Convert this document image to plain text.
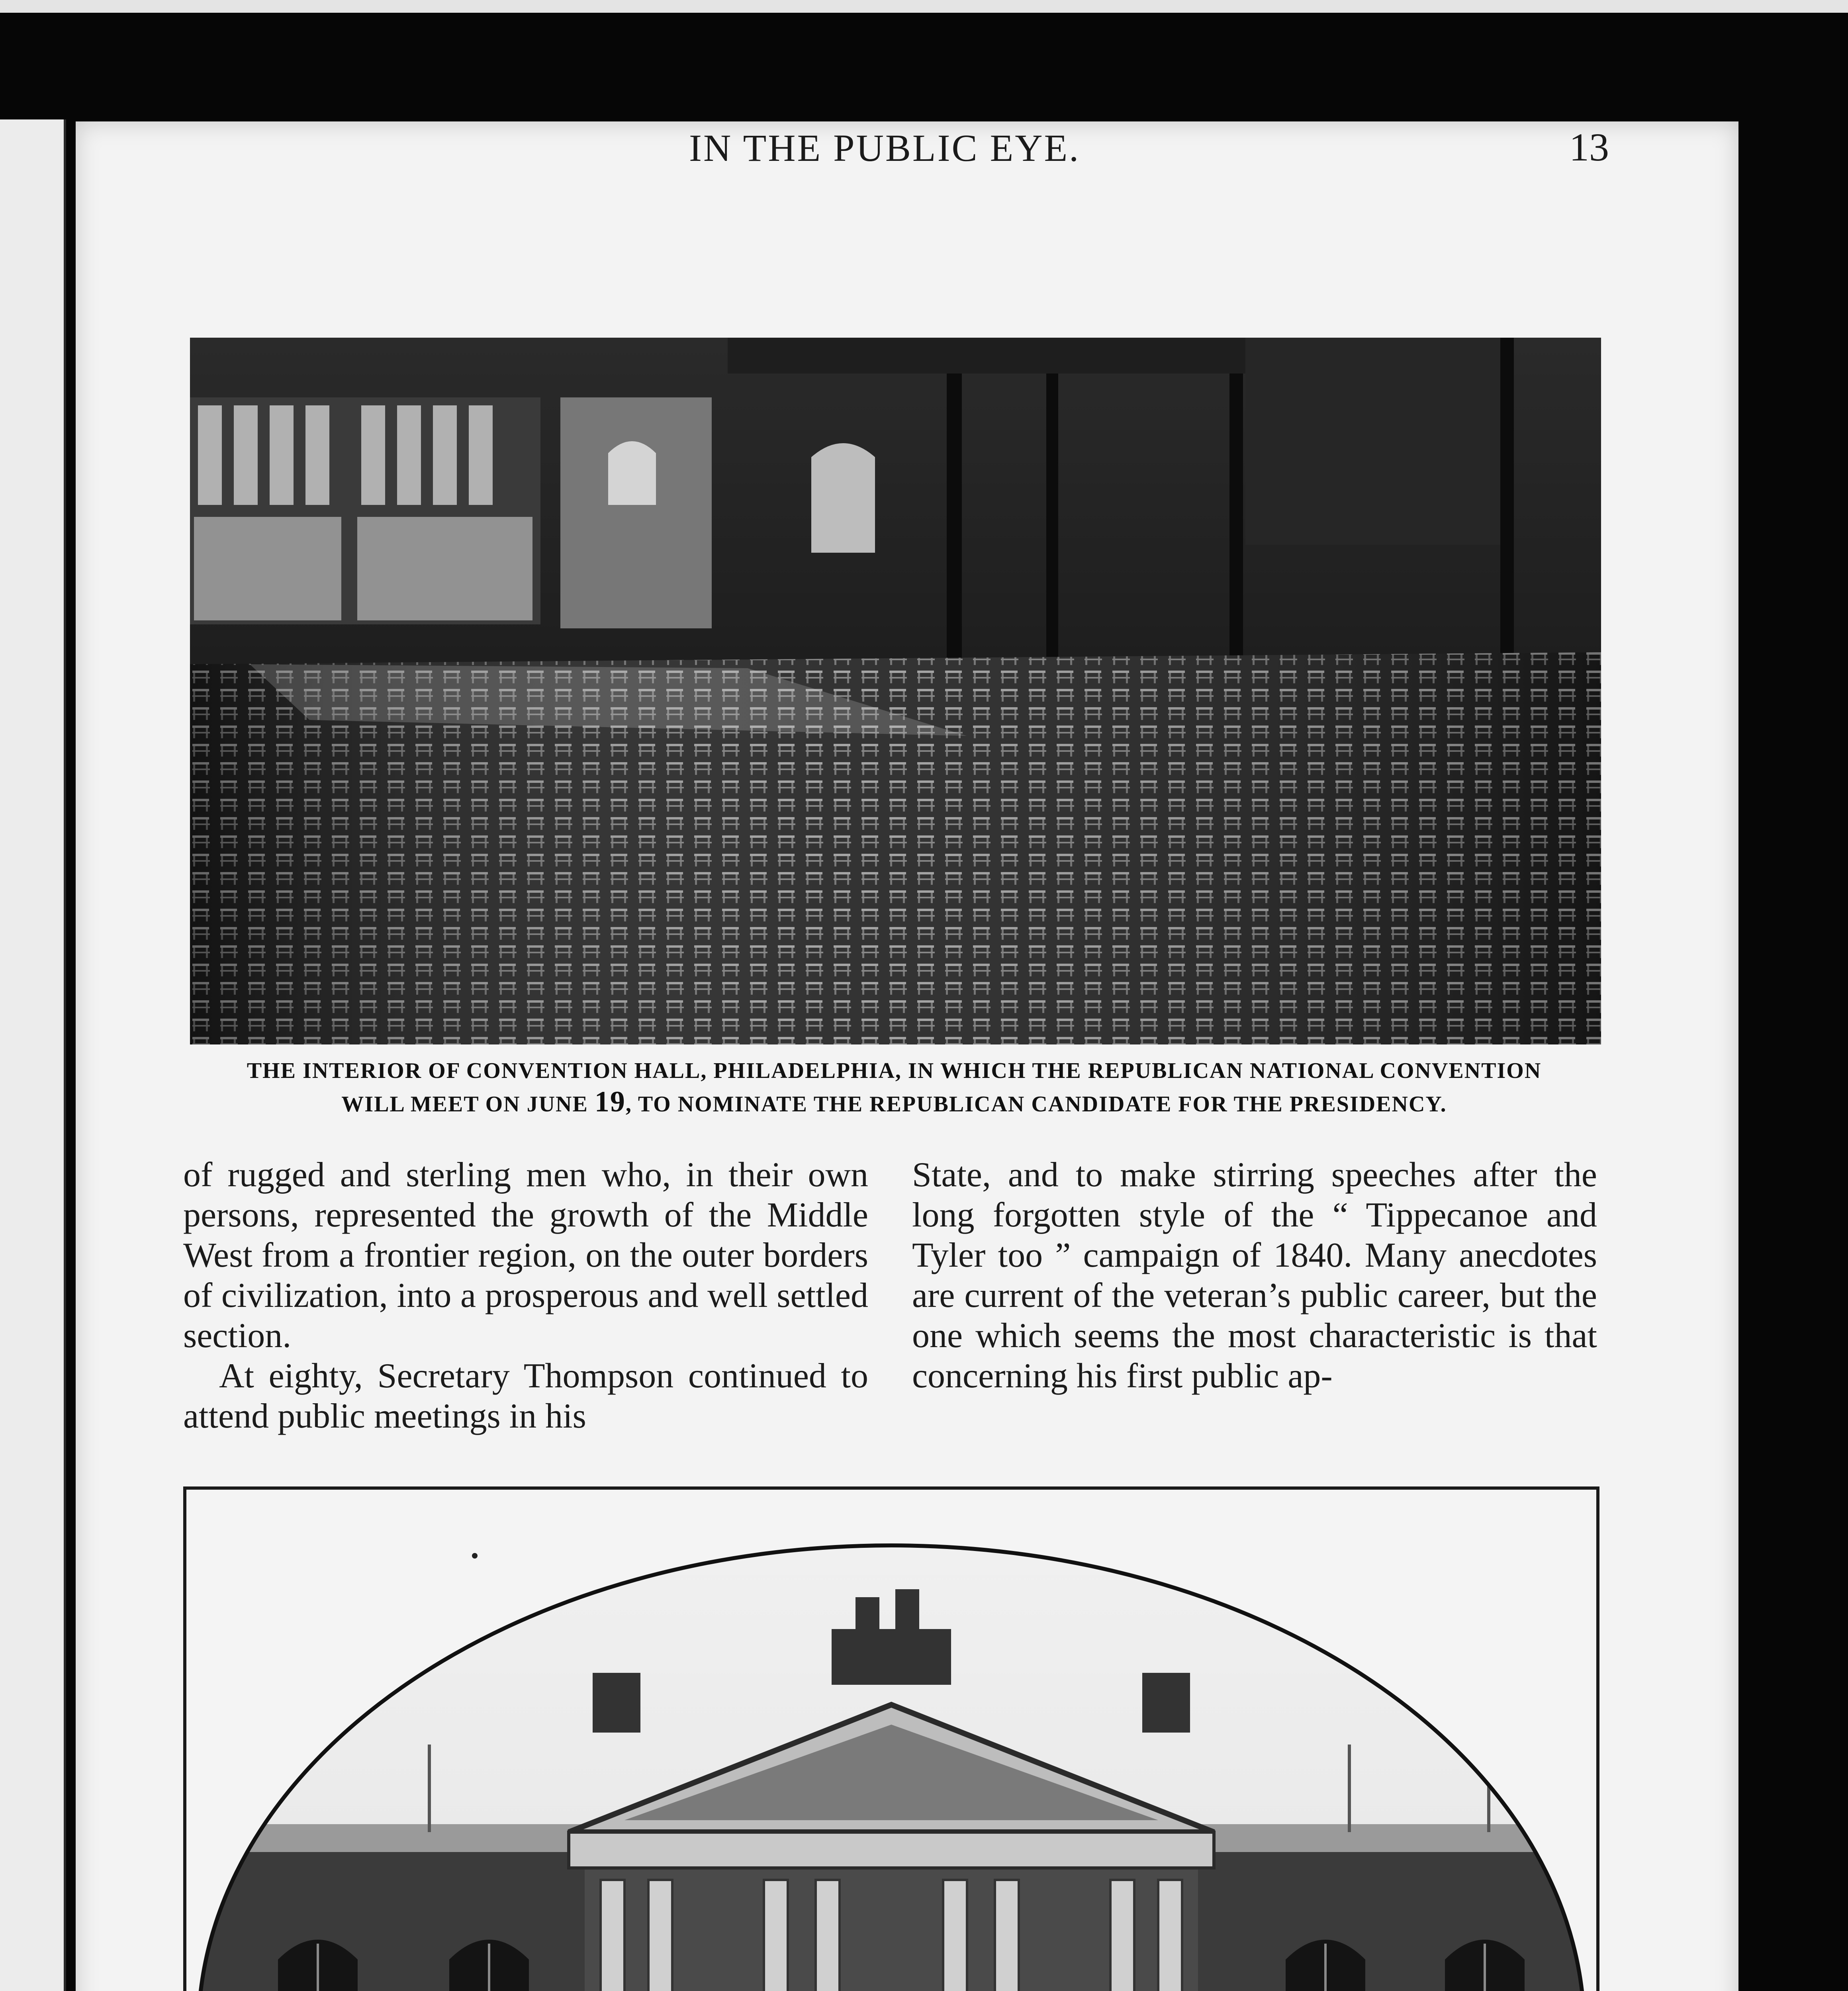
IN THE PUBLIC EYE.	13
THE INTERIOR OF CONVENTION HALL, PHILADELPHIA, IN WHICH THE REPUBLICAN NATIONAL CONVENTION
WILL MEET ON JUNE 19, TO NOMINATE THE REPUBLICAN CANDIDATE FOR THE PRESIDENCY.

of rugged and sterling men who, in their own persons, represented the growth of the Middle West from a frontier region, on the outer borders of civilization, into a prosperous and well settled section.

At eighty, Secretary Thompson continued to attend public meetings in his

State, and to make stirring speeches after the long forgotten style of the “ Tippecanoe and Tyler too ” campaign of 1840. Many anecdotes are current of the veteran’s public career, but the one which seems the most characteristic is that concerning his first public ap-
